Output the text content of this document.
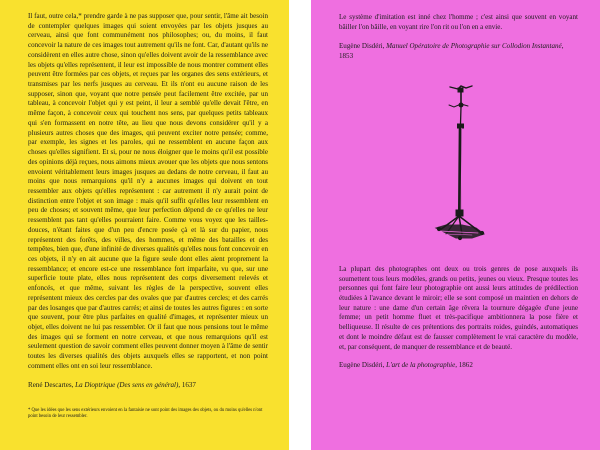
Il faut, outre cela,* prendre garde à ne pas supposer que, pour sentir, l'âme ait besoin de contempler quelques images qui soient envoyées par les objets jusques au cerveau, ainsi que font communément nos philosophes; ou, du moins, il faut concevoir la nature de ces images tout autrement qu'ils ne font. Car, d'autant qu'ils ne considèrent en elles autre chose, sinon qu'elles doivent avoir de la ressemblance avec les objets qu'elles représentent, il leur est impossible de nous montrer comment elles peuvent être formées par ces objets, et reçues par les organes des sens extérieurs, et transmises par les nerfs jusques au cerveau. Et ils n'ont eu aucune raison de les supposer, sinon que, voyant que notre pensée peut facilement être excitée, par un tableau, à concevoir l'objet qui y est peint, il leur a semblé qu'elle devait l'être, en même façon, à concevoir ceux qui touchent nos sens, par quelques petits tableaux qui s'en formassent en notre tête, au lieu que nous devons considérer qu'il y a plusieurs autres choses que des images, qui peuvent exciter notre pensée; comme, par exemple, les signes et les paroles, qui ne ressemblent en aucune façon aux choses qu'elles signifient. Et si, pour ne nous éloigner que le moins qu'il est possible des opinions déjà reçues, nous aimons mieux avouer que les objets que nous sentons envoient véritablement leurs images jusques au dedans de notre cerveau, il faut au moins que nous remarquions qu'il n'y a aucunes images qui doivent en tout ressembler aux objets qu'elles représentent : car autrement il n'y aurait point de distinction entre l'objet et son image : mais qu'il suffit qu'elles leur ressemblent en peu de choses; et souvent même, que leur perfection dépend de ce qu'elles ne leur ressemblent pas tant qu'elles pourraient faire. Comme vous voyez que les tailles-douces, n'étant faites que d'un peu d'encre posée çà et là sur du papier, nous représentent des forêts, des villes, des hommes, et même des batailles et des tempêtes, bien que, d'une infinité de diverses qualités qu'elles nous font concevoir en ces objets, il n'y en ait aucune que la figure seule dont elles aient proprement la ressemblance; et encore est-ce une ressemblance fort imparfaite, vu que, sur une superficie toute plate, elles nous représentent des corps diversement relevés et enfoncés, et que même, suivant les règles de la perspective, souvent elles représentent mieux des cercles par des ovales que par d'autres cercles; et des carrés par des losanges que par d'autres carrés; et ainsi de toutes les autres figures : en sorte que souvent, pour être plus parfaites en qualité d'images, et représenter mieux un objet, elles doivent ne lui pas ressembler. Or il faut que nous pensions tout le même des images qui se forment en notre cerveau, et que nous remarquions qu'il est seulement question de savoir comment elles peuvent donner moyen à l'âme de sentir toutes les diverses qualités des objets auxquels elles se rapportent, et non point comment elles ont en soi leur ressemblance.

René Descartes, La Dioptrique (Des sens en général), 1637

* Que les idées que les sens extérieurs envoient en la fantaisie ne sont point des images des objets, ou du moins qu'elles n'ont point besoin de leur ressembler.

Le système d'imitation est inné chez l'homme ; c'est ainsi que souvent en voyant bâiller l'on bâille, en voyant rire l'on rit ou l'on en a envie.

Eugène Disdéri, Manuel Opératoire de Photographie sur Collodion Instantané, 1853

La plupart des photographes ont deux ou trois genres de pose auxquels ils soumettent tous leurs modèles, grands ou petits, jeunes ou vieux. Presque toutes les personnes qui font faire leur photographie ont aussi leurs attitudes de prédilection étudiées à l'avance devant le miroir; elle se sont composé un maintien en dehors de leur nature : une dame d'un certain âge rêvera la tournure dégagée d'une jeune femme; un petit homme fluet et très-pacifique ambitionnera la pose fière et belliqueuse. Il résulte de ces prétentions des portraits roides, guindés, automatiques et dont le moindre défaut est de fausser complètement le vrai caractère du modèle, et, par conséquent, de manquer de ressemblance et de beauté.

Eugène Disdéri, L'art de la photographie, 1862
